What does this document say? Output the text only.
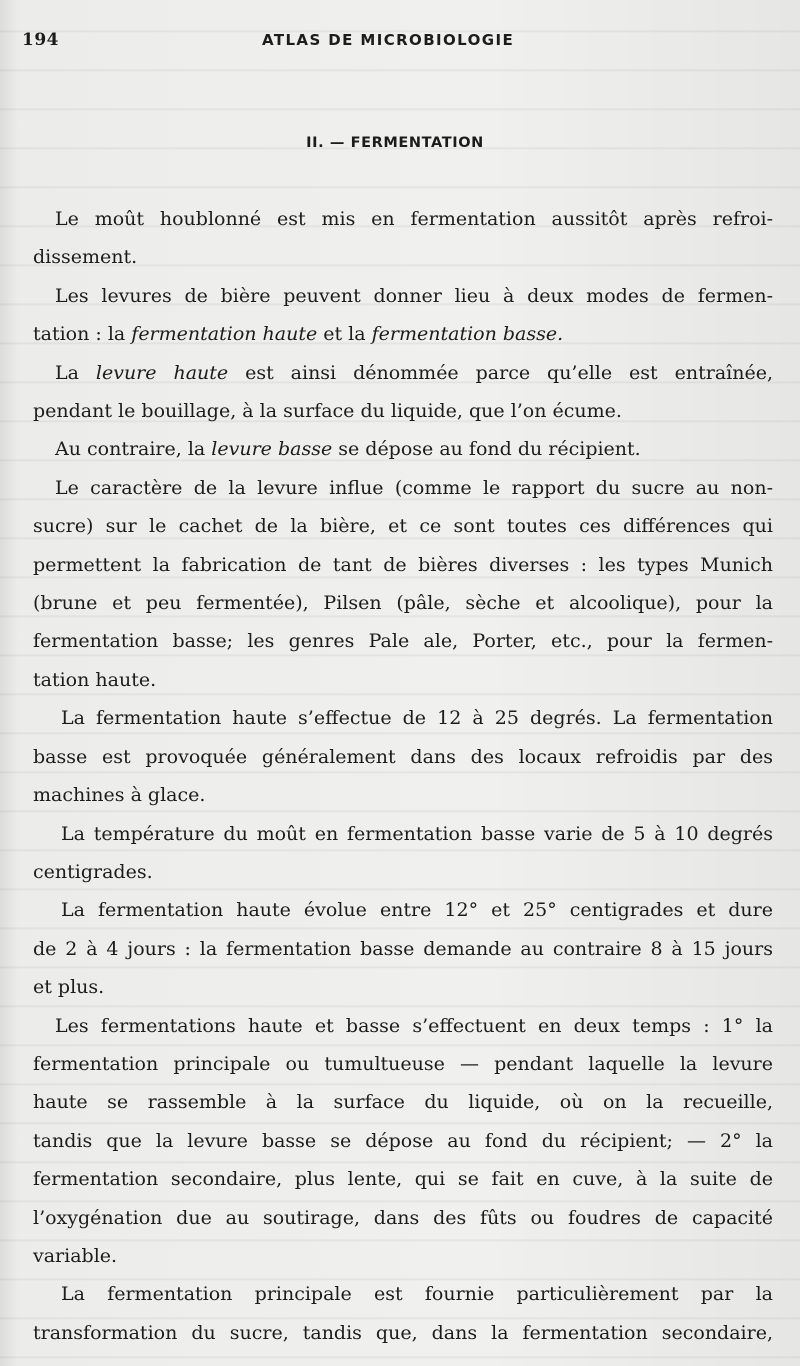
194	ATLAS DE MICROBIOLOGIE
II. — FERMENTATION
Le moût houblonné est mis en fermentation aussitôt après refroi-
dissement.
Les levures de bière peuvent donner lieu à deux modes de fermen-
tation : la fermentation haute et la fermentation basse.
La levure haute est ainsi dénommée parce qu’elle est entraînée,
pendant le bouillage, à la surface du liquide, que l’on écume.
Au contraire, la levure basse se dépose au fond du récipient.
Le caractère de la levure influe (comme le rapport du sucre au non-
sucre) sur le cachet de la bière, et ce sont toutes ces différences qui
permettent la fabrication de tant de bières diverses : les types Munich
(brune et peu fermentée), Pilsen (pâle, sèche et alcoolique), pour la
fermentation basse; les genres Pale ale, Porter, etc., pour la fermen-
tation haute.
La fermentation haute s’effectue de 12 à 25 degrés. La fermentation
basse est provoquée généralement dans des locaux refroidis par des
machines à glace.
La température du moût en fermentation basse varie de 5 à 10 degrés
centigrades.
La fermentation haute évolue entre 12° et 25° centigrades et dure
de 2 à 4 jours : la fermentation basse demande au contraire 8 à 15 jours
et plus.
Les fermentations haute et basse s’effectuent en deux temps : 1° la
fermentation principale ou tumultueuse — pendant laquelle la levure
haute se rassemble à la surface du liquide, où on la recueille,
tandis que la levure basse se dépose au fond du récipient; — 2° la
fermentation secondaire, plus lente, qui se fait en cuve, à la suite de
l’oxygénation due au soutirage, dans des fûts ou foudres de capacité
variable.
La fermentation principale est fournie particulièrement par la
transformation du sucre, tandis que, dans la fermentation secondaire,
